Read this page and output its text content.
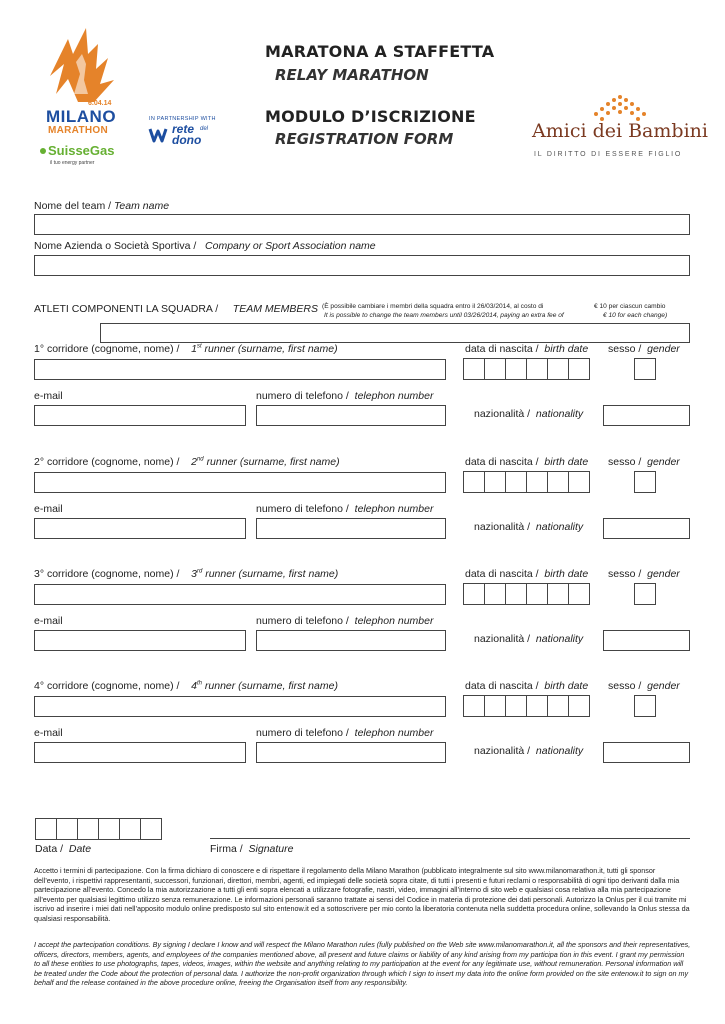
6.04.14
MILANO
MARATHON
SuisseGas
il tuo energy partner
IN PARTNERSHIP WITH
rete del
dono	Amici dei Bambini
IL DIRITTO DI ESSERE FIGLIO
MARATONA A STAFFETTA
RELAY MARATHON
MODULO D’ISCRIZIONE
REGISTRATION FORM
Nome del team / Team name
Nome Azienda o Società Sportiva / Company or Sport Association name
ATLETI COMPONENTI LA SQUADRA / TEAM MEMBERS (È possibile cambiare i membri della squadra entro il 26/03/2014, al costo di	€ 10 per ciascun cambio
It is possible to change the team members until 03/26/2014, paying an extra fee of	€ 10 for each change)
1° corridore (cognome, nome) / 1st runner (surname, first name)	data di nascita / birth date sesso / gender
e-mail	numero di telefono / telephon number
nazionalità / nationality
2° corridore (cognome, nome) / 2nd runner (surname, first name)	data di nascita / birth date sesso / gender
e-mail	numero di telefono / telephon number
nazionalità / nationality
3° corridore (cognome, nome) / 3rd runner (surname, first name)	data di nascita / birth date sesso / gender
e-mail	numero di telefono / telephon number
nazionalità / nationality
4° corridore (cognome, nome) / 4th runner (surname, first name)	data di nascita / birth date sesso / gender
e-mail	numero di telefono / telephon number
nazionalità / nationality
Data / Date	Firma / Signature
Accetto i termini di partecipazione. Con la firma dichiaro di conoscere e di rispettare il regolamento della Milano Marathon (pubblicato integralmente sul sito www.milanomarathon.it, tutti gli sponsor dell’evento, i rispettivi rappresentanti, successori, funzionari, direttori, membri, agenti, ed impiegati delle società sopra citate, di tutti i presenti e futuri reclami o responsabilità di ogni tipo derivanti dalla mia partecipazione all’evento. Concedo la mia autorizzazione a tutti gli enti sopra elencati a utilizzare fotografie, nastri, video, immagini all’interno di sito web e qualsiasi cosa relativa alla mia partecipazione all’evento per qualsiasi legittimo utilizzo senza remunerazione. Le informazioni personali saranno trattate ai sensi del Codice in materia di protezione dei dati personali. Autorizzo la Onlus per il cui tramite mi iscrivo ad inserire i miei dati nell’apposito modulo online predisposto sul sito entenow.it ed a sottoscrivere per mio conto la liberatoria contenuta nella suddetta procedura online, sollevando la Onlus stessa da qualsiasi responsabilità.
I accept the partecipation conditions. By signing I declare I know and will respect the Milano Marathon rules (fully published on the Web site www.milanomarathon.it, all the sponsors and their representatives, officers, directors, members, agents, and employees of the companies mentioned above, all present and future claims or liability of any kind arising from my participa tion in this event. I grant my permission to all these entities to use photographs, tapes, videos, images, within the website and anything relating to my participation at the event for any legitimate use, without remuneration. Personal information will be treated under the Code about the protection of personal data. I authorize the non-profit organization through which I sign to insert my data into the online form provided on the site entenow.it to sign on my behalf and the release contained in the above procedure online, freeing the Organisation itself from any responsibility.
